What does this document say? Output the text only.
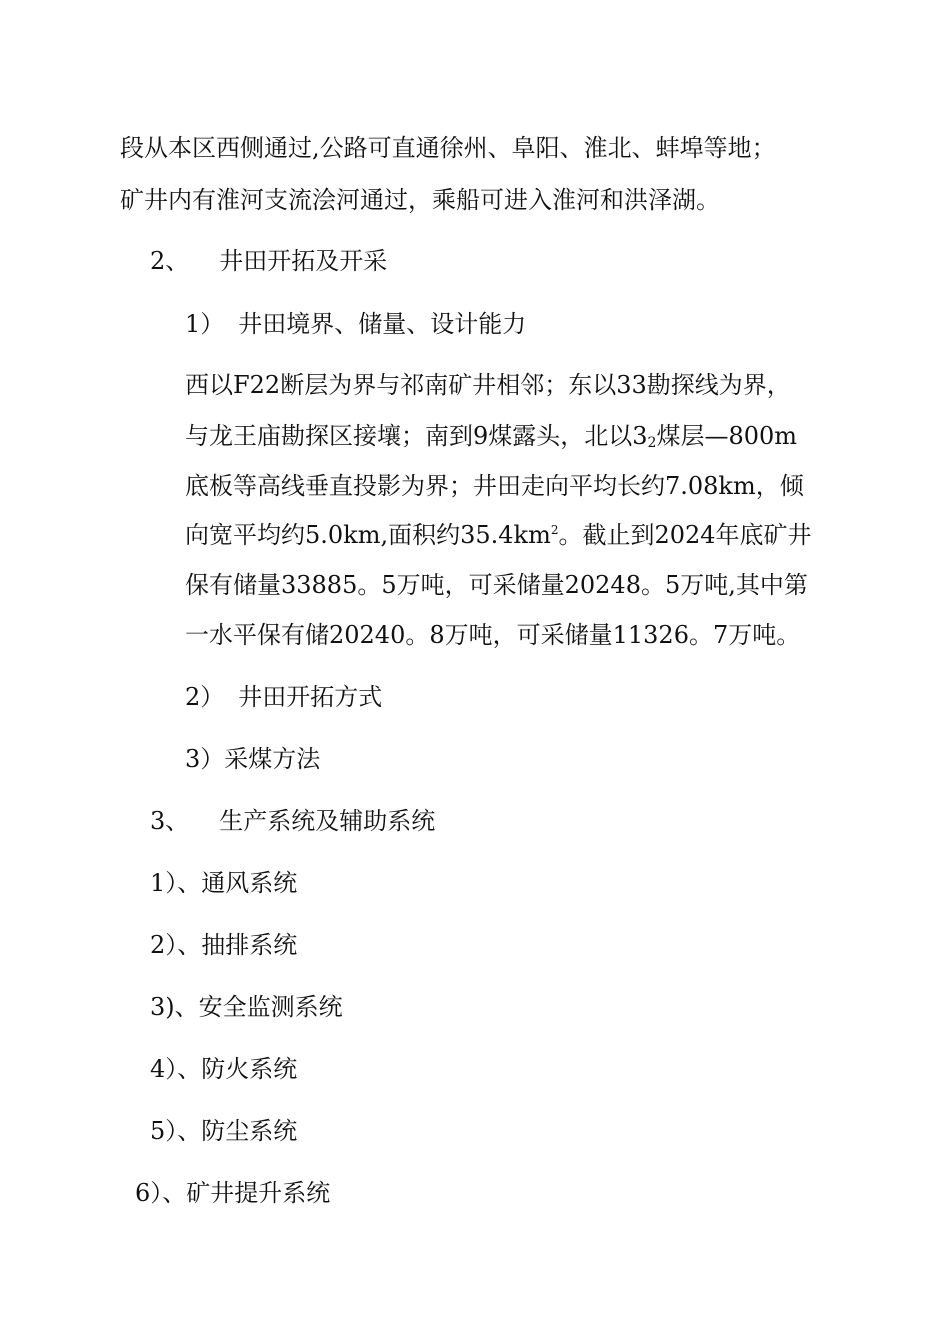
段从本区西侧通过,公路可直通徐州、阜阳、淮北、蚌埠等地；

矿井内有淮河支流浍河通过，乘船可进入淮河和洪泽湖。

2、 井田开拓及开采

1） 井田境界、储量、设计能力

西以F22断层为界与祁南矿井相邻；东以33勘探线为界，

与龙王庙勘探区接壤；南到9煤露头，北以$3_2$煤层—800m

底板等高线垂直投影为界；井田走向平均长约7.08km，倾

向宽平均约5.0km,面积约$35.4km^2$。截止到2024年底矿井

保有储量33885。5万吨，可采储量20248。5万吨,其中第

一水平保有储20240。8万吨，可采储量11326。7万吨。

2） 井田开拓方式

3）采煤方法

3、 生产系统及辅助系统

1）、通风系统

2）、抽排系统

3)、安全监测系统

4）、防火系统

5）、防尘系统

6）、矿井提升系统
